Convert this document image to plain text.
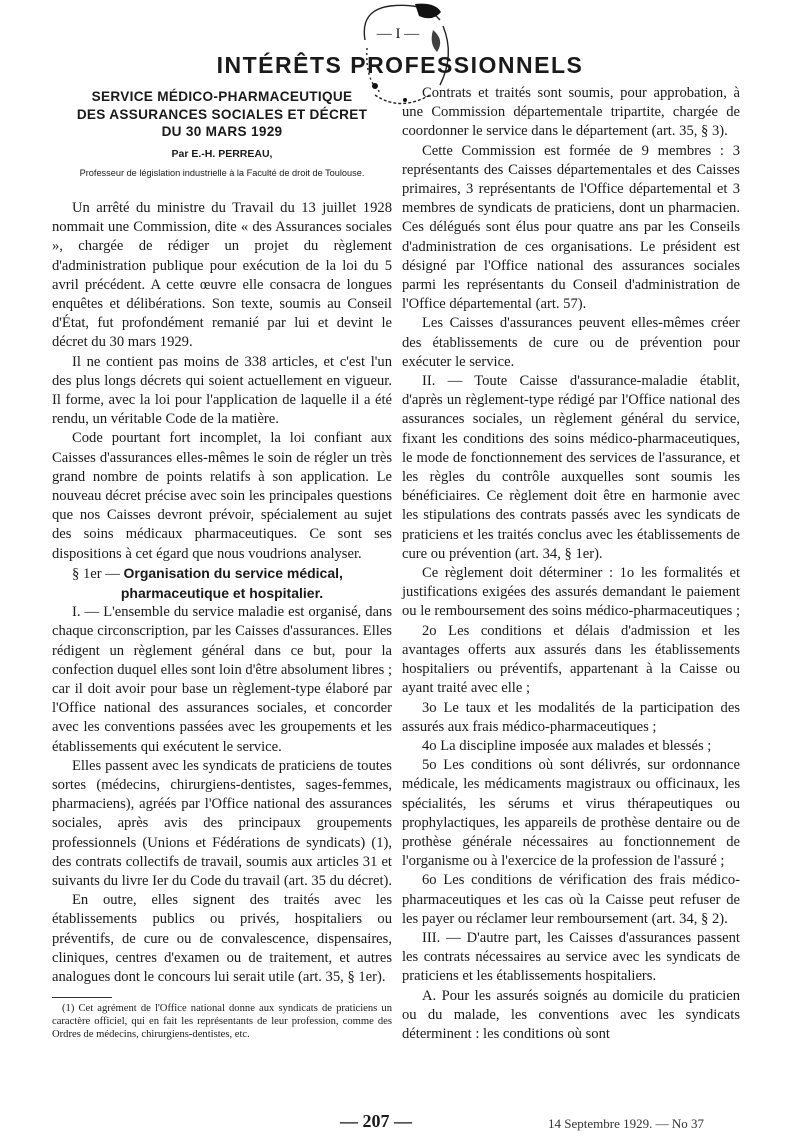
— I —
INTÉRÊTS PROFESSIONNELS
SERVICE MÉDICO-PHARMACEUTIQUE
DES ASSURANCES SOCIALES ET DÉCRET
DU 30 MARS 1929
Par E.-H. PERREAU,
Professeur de législation industrielle à la Faculté de droit de Toulouse.

Un arrêté du ministre du Travail du 13 juillet 1928 nommait une Commission, dite « des Assurances sociales », chargée de rédiger un projet du règlement d'administration publique pour exécution de la loi du 5 avril précédent. A cette œuvre elle consacra de longues enquêtes et délibérations. Son texte, soumis au Conseil d'État, fut profondément remanié par lui et devint le décret du 30 mars 1929.

Il ne contient pas moins de 338 articles, et c'est l'un des plus longs décrets qui soient actuellement en vigueur. Il forme, avec la loi pour l'application de laquelle il a été rendu, un véritable Code de la matière.

Code pourtant fort incomplet, la loi confiant aux Caisses d'assurances elles-mêmes le soin de régler un très grand nombre de points relatifs à son application. Le nouveau décret précise avec soin les principales questions que nos Caisses devront prévoir, spécialement au sujet des soins médicaux pharmaceutiques. Ce sont ses dispositions à cet égard que nous voudrions analyser.

§ 1er — Organisation du service médical,
pharmaceutique et hospitalier.

I. — L'ensemble du service maladie est organisé, dans chaque circonscription, par les Caisses d'assurances. Elles rédigent un règlement général dans ce but, pour la confection duquel elles sont loin d'être absolument libres ; car il doit avoir pour base un règlement-type élaboré par l'Office national des assurances sociales, et concorder avec les conventions passées avec les groupements et les établissements qui exécutent le service.

Elles passent avec les syndicats de praticiens de toutes sortes (médecins, chirurgiens-dentistes, sages-femmes, pharmaciens), agréés par l'Office national des assurances sociales, après avis des principaux groupements professionnels (Unions et Fédérations de syndicats) (1), des contrats collectifs de travail, soumis aux articles 31 et suivants du livre Ier du Code du travail (art. 35 du décret).

En outre, elles signent des traités avec les établissements publics ou privés, hospitaliers ou préventifs, de cure ou de convalescence, dispensaires, cliniques, centres d'examen ou de traitement, et autres analogues dont le concours lui serait utile (art. 35, § 1er).

(1) Cet agrément de l'Office national donne aux syndicats de praticiens un caractère officiel, qui en fait les représentants de leur profession, comme des Ordres de médecins, chirurgiens-dentistes, etc.

Contrats et traités sont soumis, pour approbation, à une Commission départementale tripartite, chargée de coordonner le service dans le département (art. 35, § 3).

Cette Commission est formée de 9 membres : 3 représentants des Caisses départementales et des Caisses primaires, 3 représentants de l'Office départemental et 3 membres de syndicats de praticiens, dont un pharmacien. Ces délégués sont élus pour quatre ans par les Conseils d'administration de ces organisations. Le président est désigné par l'Office national des assurances sociales parmi les représentants du Conseil d'administration de l'Office départemental (art. 57).

Les Caisses d'assurances peuvent elles-mêmes créer des établissements de cure ou de prévention pour exécuter le service.

II. — Toute Caisse d'assurance-maladie établit, d'après un règlement-type rédigé par l'Office national des assurances sociales, un règlement général du service, fixant les conditions des soins médico-pharmaceutiques, le mode de fonctionnement des services de l'assurance, et les règles du contrôle auxquelles sont soumis les bénéficiaires. Ce règlement doit être en harmonie avec les stipulations des contrats passés avec les syndicats de praticiens et les traités conclus avec les établissements de cure ou prévention (art. 34, § 1er).

Ce règlement doit déterminer : 1o les formalités et justifications exigées des assurés demandant le paiement ou le remboursement des soins médico-pharmaceutiques ;

2o Les conditions et délais d'admission et les avantages offerts aux assurés dans les établissements hospitaliers ou préventifs, appartenant à la Caisse ou ayant traité avec elle ;

3o Le taux et les modalités de la participation des assurés aux frais médico-pharmaceutiques ;

4o La discipline imposée aux malades et blessés ;

5o Les conditions où sont délivrés, sur ordonnance médicale, les médicaments magistraux ou officinaux, les spécialités, les sérums et virus thérapeutiques ou prophylactiques, les appareils de prothèse dentaire ou de prothèse générale nécessaires au fonctionnement de l'organisme ou à l'exercice de la profession de l'assuré ;

6o Les conditions de vérification des frais médico-pharmaceutiques et les cas où la Caisse peut refuser de les payer ou réclamer leur remboursement (art. 34, § 2).

III. — D'autre part, les Caisses d'assurances passent les contrats nécessaires au service avec les syndicats de praticiens et les établissements hospitaliers.

A. Pour les assurés soignés au domicile du praticien ou du malade, les conventions avec les syndicats déterminent : les conditions où sont

— 207 —	14 Septembre 1929. — No 37
